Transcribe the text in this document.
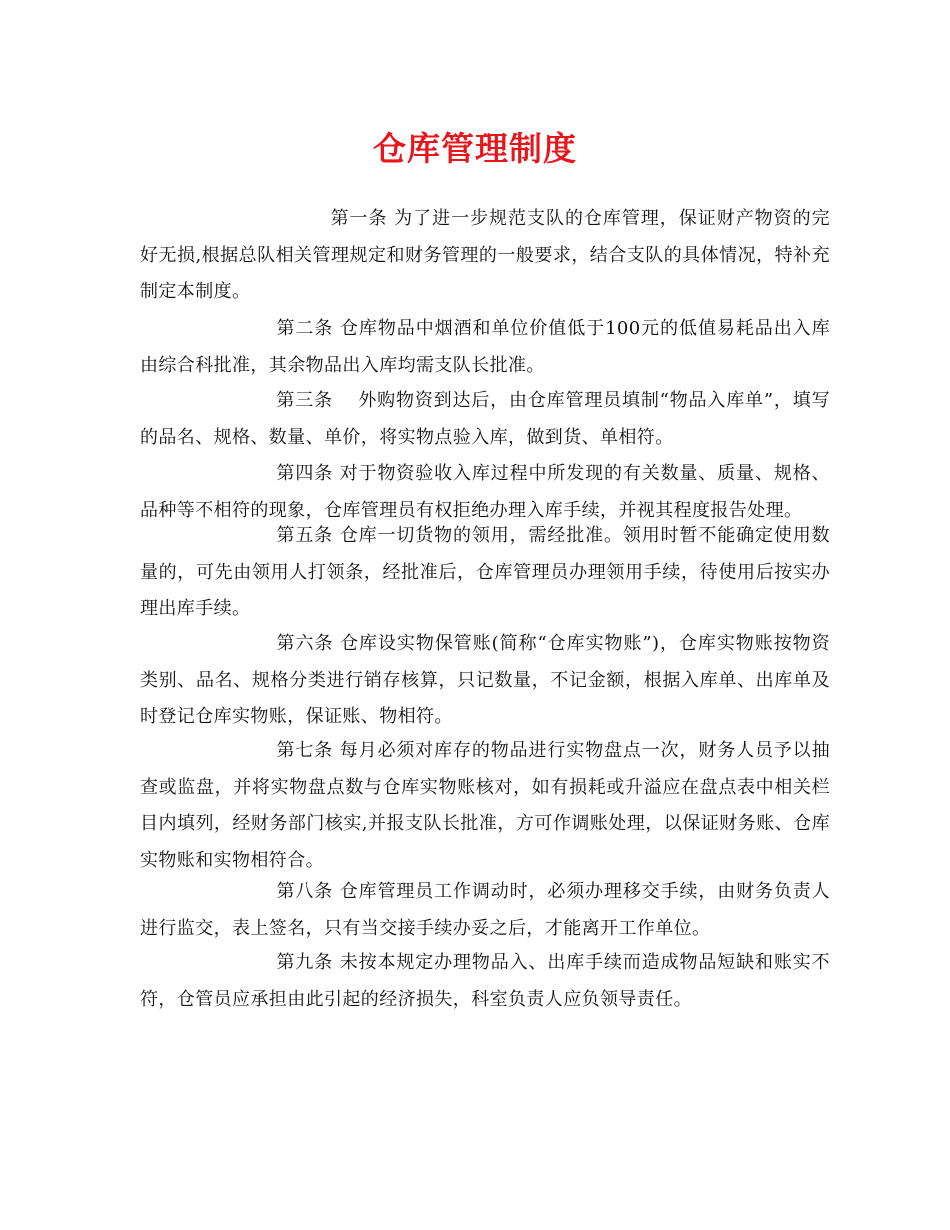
仓库管理制度

第一条 为了进一步规范支队的仓库管理，保证财产物资的完好无损,根据总队相关管理规定和财务管理的一般要求，结合支队的具体情况，特补充制定本制度。

第二条 仓库物品中烟酒和单位价值低于100元的低值易耗品出入库由综合科批准，其余物品出入库均需支队长批准。

第三条　 外购物资到达后，由仓库管理员填制“物品入库单”，填写的品名、规格、数量、单价，将实物点验入库，做到货、单相符。

第四条 对于物资验收入库过程中所发现的有关数量、质量、规格、品种等不相符的现象，仓库管理员有权拒绝办理入库手续，并视其程度报告处理。

第五条 仓库一切货物的领用，需经批准。领用时暂不能确定使用数量的，可先由领用人打领条，经批准后，仓库管理员办理领用手续，待使用后按实办理出库手续。

第六条 仓库设实物保管账(简称“仓库实物账”)，仓库实物账按物资类别、品名、规格分类进行销存核算，只记数量，不记金额，根据入库单、出库单及时登记仓库实物账，保证账、物相符。

第七条 每月必须对库存的物品进行实物盘点一次，财务人员予以抽查或监盘，并将实物盘点数与仓库实物账核对，如有损耗或升溢应在盘点表中相关栏目内填列，经财务部门核实,并报支队长批准，方可作调账处理，以保证财务账、仓库实物账和实物相符合。

第八条 仓库管理员工作调动时，必须办理移交手续，由财务负责人进行监交，表上签名，只有当交接手续办妥之后，才能离开工作单位。

第九条 未按本规定办理物品入、出库手续而造成物品短缺和账实不符，仓管员应承担由此引起的经济损失，科室负责人应负领导责任。
